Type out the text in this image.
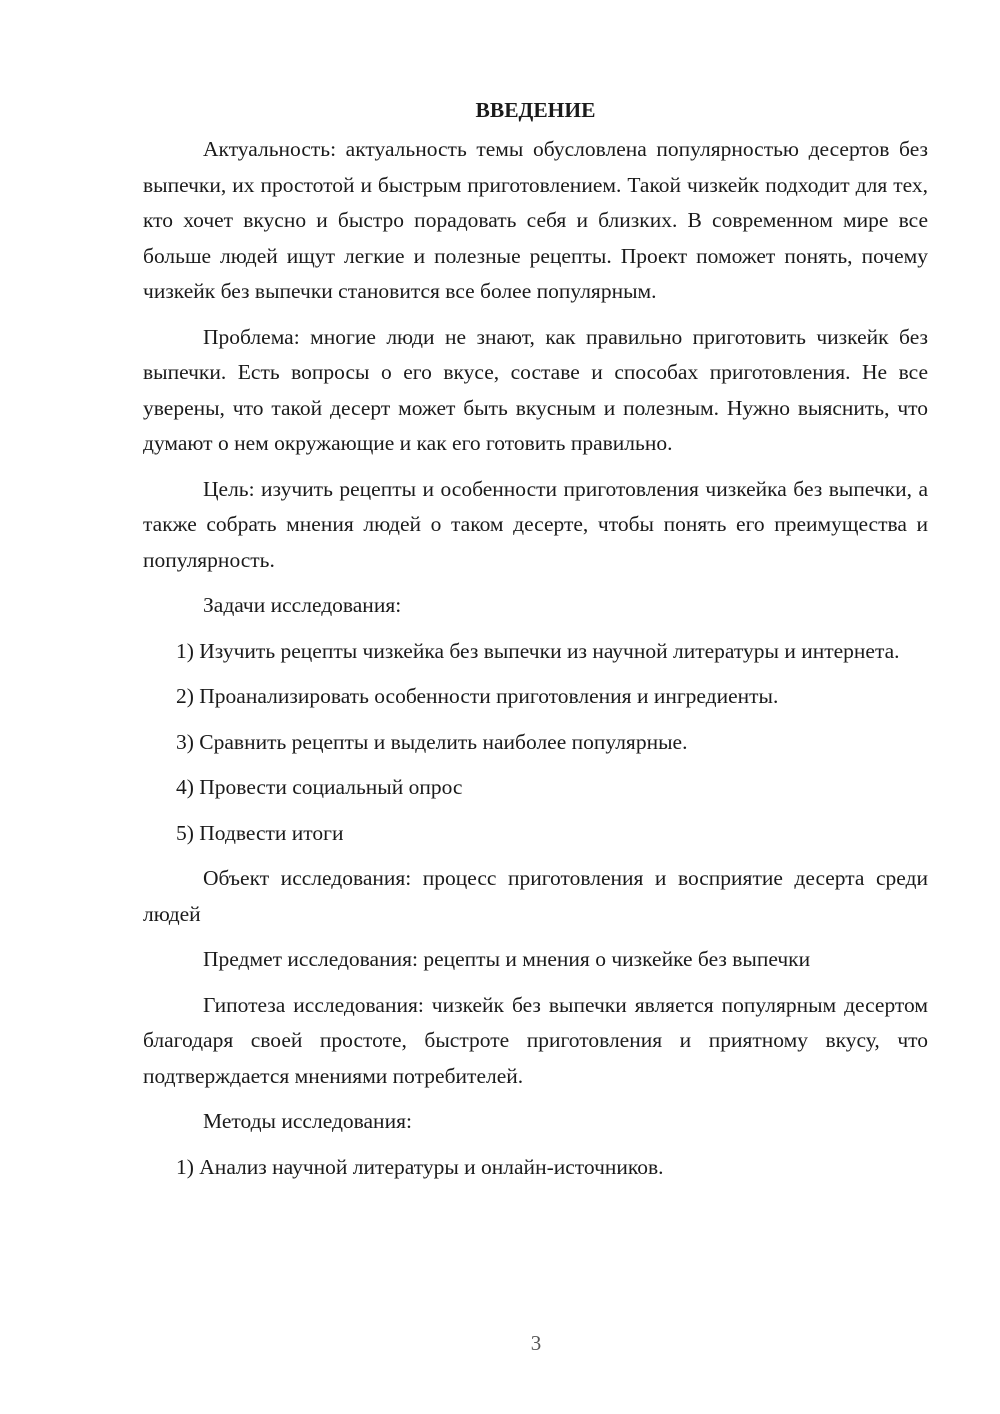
ВВЕДЕНИЕ

Актуальность: актуальность темы обусловлена популярностью десертов без выпечки, их простотой и быстрым приготовлением. Такой чизкейк подходит для тех, кто хочет вкусно и быстро порадовать себя и близких. В современном мире все больше людей ищут легкие и полезные рецепты. Проект поможет понять, почему чизкейк без выпечки становится все более популярным.

Проблема: многие люди не знают, как правильно приготовить чизкейк без выпечки. Есть вопросы о его вкусе, составе и способах приготовления. Не все уверены, что такой десерт может быть вкусным и полезным. Нужно выяснить, что думают о нем окружающие и как его готовить правильно.

Цель: изучить рецепты и особенности приготовления чизкейка без выпечки, а также собрать мнения людей о таком десерте, чтобы понять его преимущества и популярность.

Задачи исследования:

1) Изучить рецепты чизкейка без выпечки из научной литературы и интернета.

2) Проанализировать особенности приготовления и ингредиенты.

3) Сравнить рецепты и выделить наиболее популярные.

4) Провести социальный опрос

5) Подвести итоги

Объект исследования: процесс приготовления и восприятие десерта среди людей

Предмет исследования: рецепты и мнения о чизкейке без выпечки

Гипотеза исследования: чизкейк без выпечки является популярным десертом благодаря своей простоте, быстроте приготовления и приятному вкусу, что подтверждается мнениями потребителей.

Методы исследования:

1) Анализ научной литературы и онлайн-источников.

3
